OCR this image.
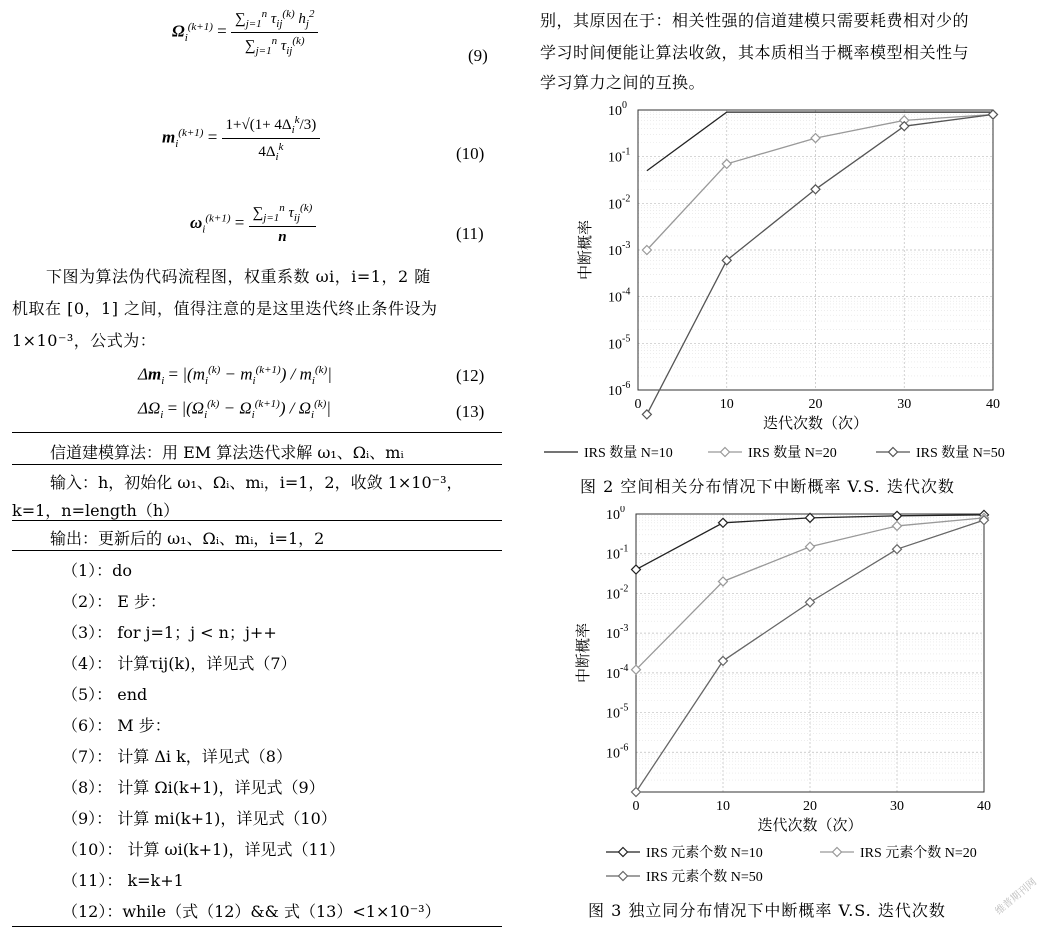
$\Omega_i^{(k+1)} = \frac{\sum_{j=1}^n \tau_{ij}^{(k)} h_j^2}{\sum_{j=1}^n \tau_{ij}^{(k)}}$	(9)
$m_i^{(k+1)} = \frac{1+√(1+ 4\Delta_i^k/3)}{4\Delta_i^k}$	(10)
$\omega_i^{(k+1)} = \frac{\sum_{j=1}^n \tau_{ij}^{(k)}}{n}$	(11)
下图为算法伪代码流程图，权重系数 ωi，i=1，2 随
机取在 [0，1] 之间，值得注意的是这里迭代终止条件设为
1×10⁻³，公式为：
$\Delta m_i = |(m_i^{(k)} - m_i^{(k+1)}) / m_i^{(k)}|$	(12)
$\Delta\Omega_i = |(\Omega_i^{(k)} - \Omega_i^{(k+1)}) / \Omega_i^{(k)}|$	(13)
信道建模算法：用 EM 算法迭代求解 ω₁、Ωᵢ、mᵢ
输入：h，初始化 ω₁、Ωᵢ、mᵢ，i=1，2，收敛 1×10⁻³，
k=1，n=length（h）
输出：更新后的 ω₁、Ωᵢ、mᵢ，i=1，2
（1）：do
（2）： E 步：
（3）： for j=1；j < n；j++
（4）： 计算τij(k)，详见式（7）
（5）： end
（6）： M 步：
（7）： 计算 Δi k，详见式（8）
（8）： 计算 Ωi(k+1)，详见式（9）
（9）： 计算 mi(k+1)，详见式（10）
（10）： 计算 ωi(k+1)，详见式（11）
（11）： k=k+1
（12）：while（式（12）&& 式（13）<1×10⁻³）
别，其原因在于：相关性强的信道建模只需要耗费相对少的
学习时间便能让算法收敛，其本质相当于概率模型相关性与
学习算力之间的互换。
$10^0$
$10^{-1}$
$10^{-2}$
$10^{-3}$
$10^{-4}$
$10^{-5}$
$10^{-6}$
0	10	20	30	40
迭代次数（次）
中断概率
IRS 数量 N=10	IRS 数量 N=20	IRS 数量 N=50
图 2 空间相关分布情况下中断概率 V.S. 迭代次数
$10^0$
$10^{-1}$
$10^{-2}$
$10^{-3}$
$10^{-4}$
$10^{-5}$
$10^{-6}$
0	10	20	30	40
迭代次数（次）
中断概率
IRS 元素个数 N=10	IRS 元素个数 N=20
IRS 元素个数 N=50
图 3 独立同分布情况下中断概率 V.S. 迭代次数	维普期刊网
